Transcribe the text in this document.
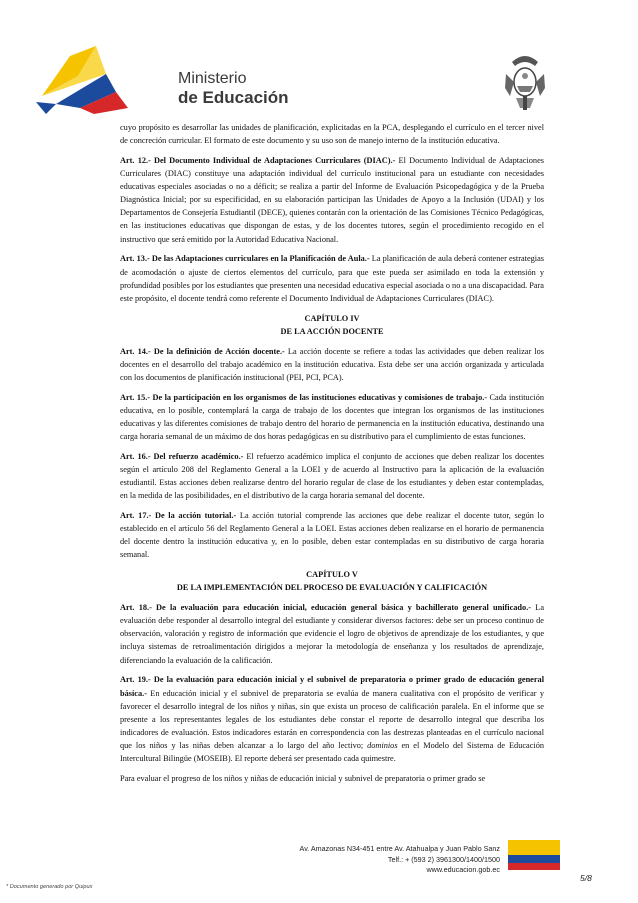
Ministerio
de Educación

cuyo propósito es desarrollar las unidades de planificación, explicitadas en la PCA, desplegando el currículo en el tercer nivel de concreción curricular. El formato de este documento y su uso son de manejo interno de la institución educativa.

Art. 12.- Del Documento Individual de Adaptaciones Curriculares (DIAC).- El Documento Individual de Adaptaciones Curriculares (DIAC) constituye una adaptación individual del currículo institucional para un estudiante con necesidades educativas especiales asociadas o no a déficit; se realiza a partir del Informe de Evaluación Psicopedagógica y de la Prueba Diagnóstica Inicial; por su especificidad, en su elaboración participan las Unidades de Apoyo a la Inclusión (UDAI) y los Departamentos de Consejería Estudiantil (DECE), quienes contarán con la orientación de las Comisiones Técnico Pedagógicas, en las instituciones educativas que dispongan de estas, y de los docentes tutores, según el procedimiento recogido en el instructivo que será emitido por la Autoridad Educativa Nacional.

Art. 13.- De las Adaptaciones curriculares en la Planificación de Aula.- La planificación de aula deberá contener estrategias de acomodación o ajuste de ciertos elementos del currículo, para que este pueda ser asimilado en toda la extensión y profundidad posibles por los estudiantes que presenten una necesidad educativa especial asociada o no a una discapacidad. Para este propósito, el docente tendrá como referente el Documento Individual de Adaptaciones Curriculares (DIAC).

CAPÍTULO IV
DE LA ACCIÓN DOCENTE

Art. 14.- De la definición de Acción docente.- La acción docente se refiere a todas las actividades que deben realizar los docentes en el desarrollo del trabajo académico en la institución educativa. Esta debe ser una acción organizada y articulada con los documentos de planificación institucional (PEI, PCI, PCA).

Art. 15.- De la participación en los organismos de las instituciones educativas y comisiones de trabajo.- Cada institución educativa, en lo posible, contemplará la carga de trabajo de los docentes que integran los organismos de las instituciones educativas y las diferentes comisiones de trabajo dentro del horario de permanencia en la institución educativa, destinando una carga horaria semanal de un máximo de dos horas pedagógicas en su distributivo para el cumplimiento de estas funciones.

Art. 16.- Del refuerzo académico.- El refuerzo académico implica el conjunto de acciones que deben realizar los docentes según el artículo 208 del Reglamento General a la LOEI y de acuerdo al Instructivo para la aplicación de la evaluación estudiantil. Estas acciones deben realizarse dentro del horario regular de clase de los estudiantes y deben estar contempladas, en la medida de las posibilidades, en el distributivo de la carga horaria semanal del docente.

Art. 17.- De la acción tutorial.- La acción tutorial comprende las acciones que debe realizar el docente tutor, según lo establecido en el artículo 56 del Reglamento General a la LOEI. Estas acciones deben realizarse en el horario de permanencia del docente dentro la institución educativa y, en lo posible, deben estar contempladas en su distributivo de carga horaria semanal.

CAPÍTULO V
DE LA IMPLEMENTACIÓN DEL PROCESO DE EVALUACIÓN Y CALIFICACIÓN

Art. 18.- De la evaluación para educación inicial, educación general básica y bachillerato general unificado.- La evaluación debe responder al desarrollo integral del estudiante y considerar diversos factores: debe ser un proceso continuo de observación, valoración y registro de información que evidencie el logro de objetivos de aprendizaje de los estudiantes, y que incluya sistemas de retroalimentación dirigidos a mejorar la metodología de enseñanza y los resultados de aprendizaje, diferenciando la evaluación de la calificación.

Art. 19.- De la evaluación para educación inicial y el subnivel de preparatoria o primer grado de educación general básica.- En educación inicial y el subnivel de preparatoria se evalúa de manera cualitativa con el propósito de verificar y favorecer el desarrollo integral de los niños y niñas, sin que exista un proceso de calificación paralela. En el informe que se presente a los representantes legales de los estudiantes debe constar el reporte de desarrollo integral que describa los indicadores de evaluación. Estos indicadores estarán en correspondencia con las destrezas planteadas en el currículo nacional que los niños y las niñas deben alcanzar a lo largo del año lectivo; dominios en el Modelo del Sistema de Educación Intercultural Bilingüe (MOSEIB). El reporte deberá ser presentado cada quimestre.

Para evaluar el progreso de los niños y niñas de educación inicial y subnivel de preparatoria o primer grado se

Av. Amazonas N34-451 entre Av. Atahualpa y Juan Pablo Sanz
Telf.: + (593 2) 3961300/1400/1500
www.educacion.gob.ec
5/8
* Documento generado por Quipux
